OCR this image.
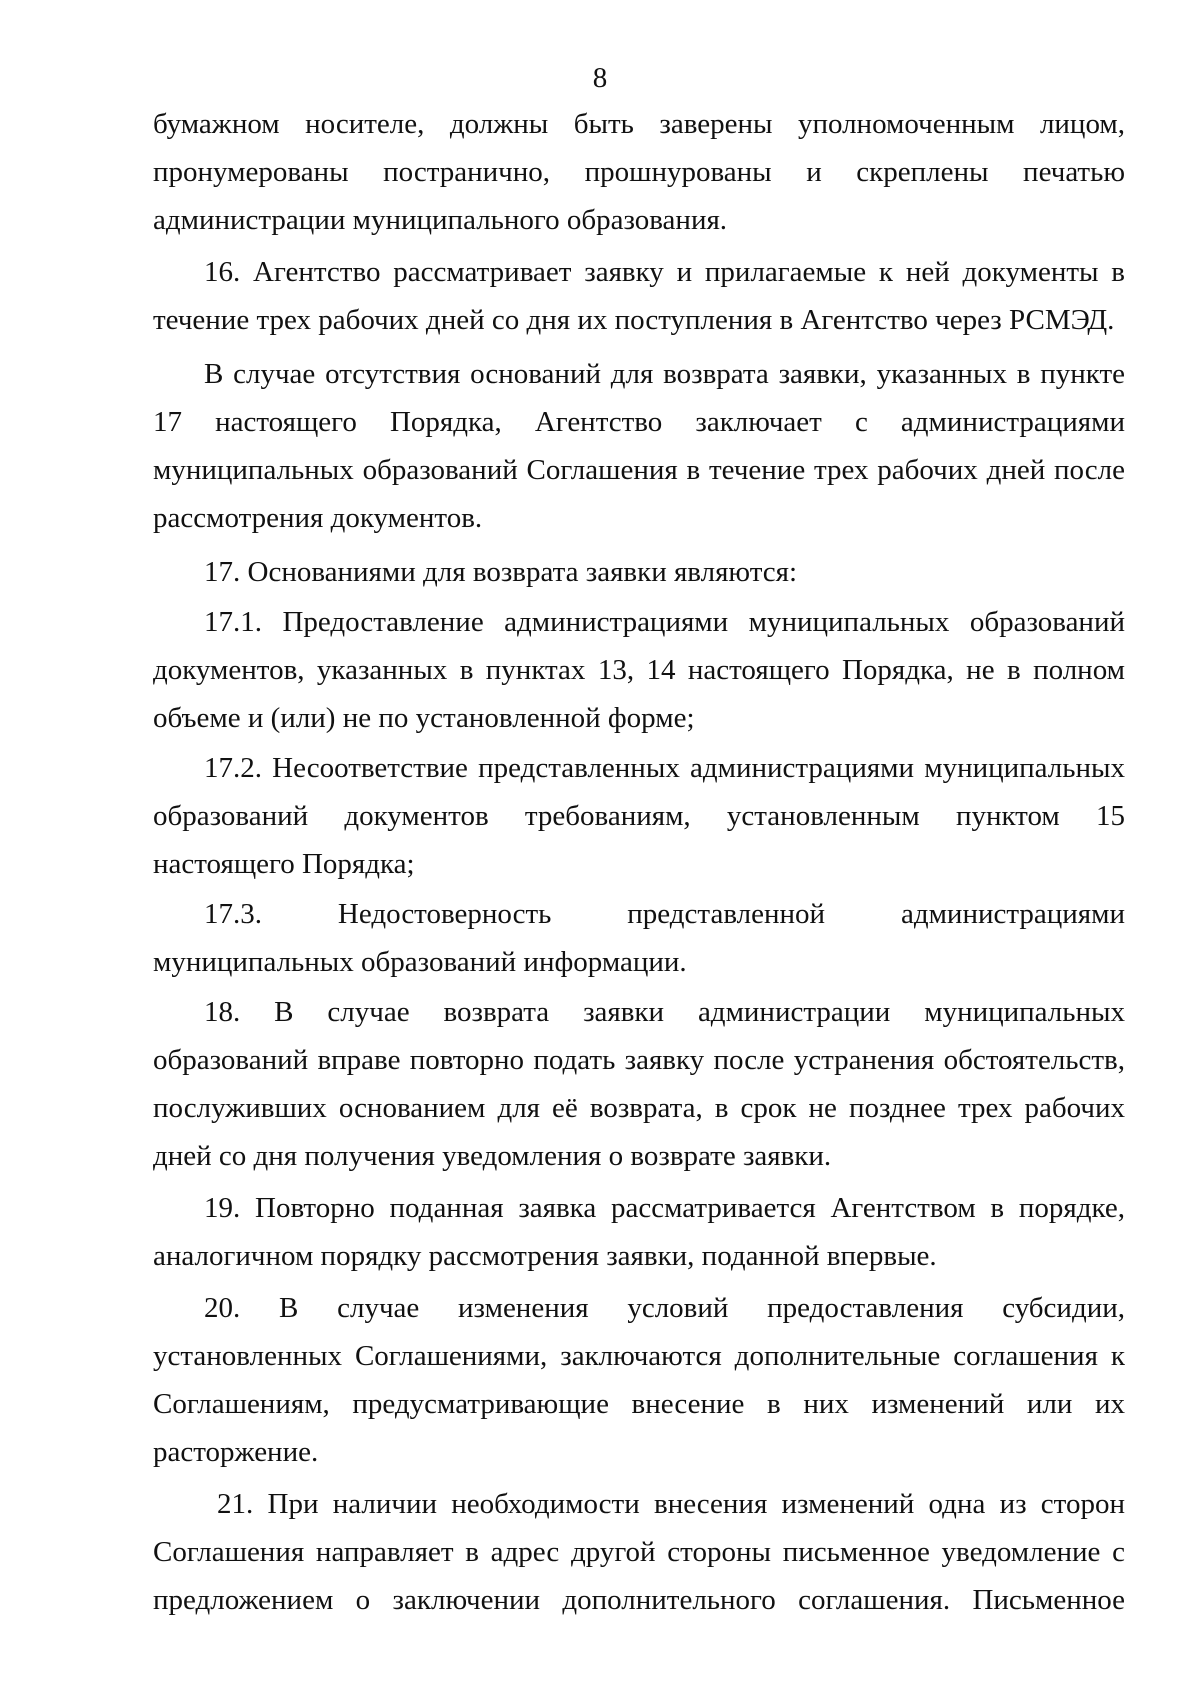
8

бумажном носителе, должны быть заверены уполномоченным лицом, пронумерованы постранично, прошнурованы и скреплены печатью администрации муниципального образования.

16. Агентство рассматривает заявку и прилагаемые к ней документы в течение трех рабочих дней со дня их поступления в Агентство через РСМЭД.

В случае отсутствия оснований для возврата заявки, указанных в пункте 17 настоящего Порядка, Агентство заключает с администрациями муниципальных образований Соглашения в течение трех рабочих дней после рассмотрения документов.

17. Основаниями для возврата заявки являются:

17.1. Предоставление администрациями муниципальных образований документов, указанных в пунктах 13, 14 настоящего Порядка, не в полном объеме и (или) не по установленной форме;

17.2. Несоответствие представленных администрациями муниципальных образований документов требованиям, установленным пунктом 15 настоящего Порядка;

17.3. Недостоверность представленной администрациями муниципальных образований информации.

18. В случае возврата заявки администрации муниципальных образований вправе повторно подать заявку после устранения обстоятельств, послуживших основанием для её возврата, в срок не позднее трех рабочих дней со дня получения уведомления о возврате заявки.

19. Повторно поданная заявка рассматривается Агентством в порядке, аналогичном порядку рассмотрения заявки, поданной впервые.

20. В случае изменения условий предоставления субсидии, установленных Соглашениями, заключаются дополнительные соглашения к Соглашениям, предусматривающие внесение в них изменений или их расторжение.

21. При наличии необходимости внесения изменений одна из сторон Соглашения направляет в адрес другой стороны письменное уведомление с предложением о заключении дополнительного соглашения. Письменное
